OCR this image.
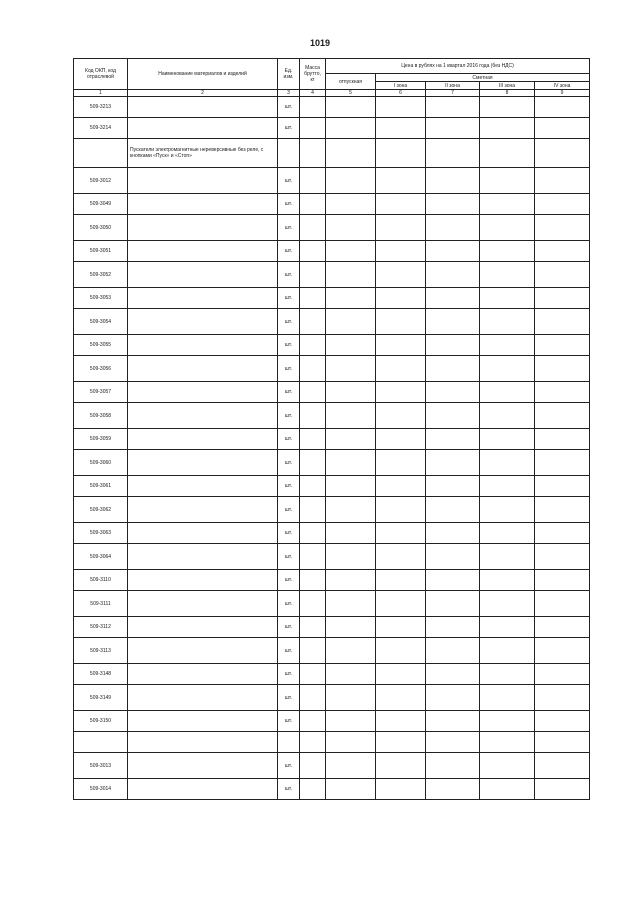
1019
Код ОКП, код отраслевой	Наименование материалов и изделий	Ед. изм.	Масса брутто, кг	Цена в рублях на 1 квартал 2016 года (без НДС)				
				отпускная	Сметная			
					I зона	II зона	III зона	IV зона
1	2	3	4	5	6	7	8	9
509-3213		шт.						
509-3214		шт.						
	Пускатели электромагнитные нереверсивные без реле, с кнопками «Пуск» и «Стоп»							
509-3012		шт.						
509-3049		шт.						
509-3050		шт.						
509-3051		шт.						
509-3052		шт.						
509-3053		шт.						
509-3054		шт.						
509-3055		шт.						
509-3056		шт.						
509-3057		шт.						
509-3058		шт.						
509-3059		шт.						
509-3060		шт.						
509-3061		шт.						
509-3062		шт.						
509-3063		шт.						
509-3064		шт.						
509-3110		шт.						
509-3111		шт.						
509-3112		шт.						
509-3113		шт.						
509-3148		шт.						
509-3149		шт.						
509-3150		шт.						

509-3013		шт.						
509-3014		шт.						
